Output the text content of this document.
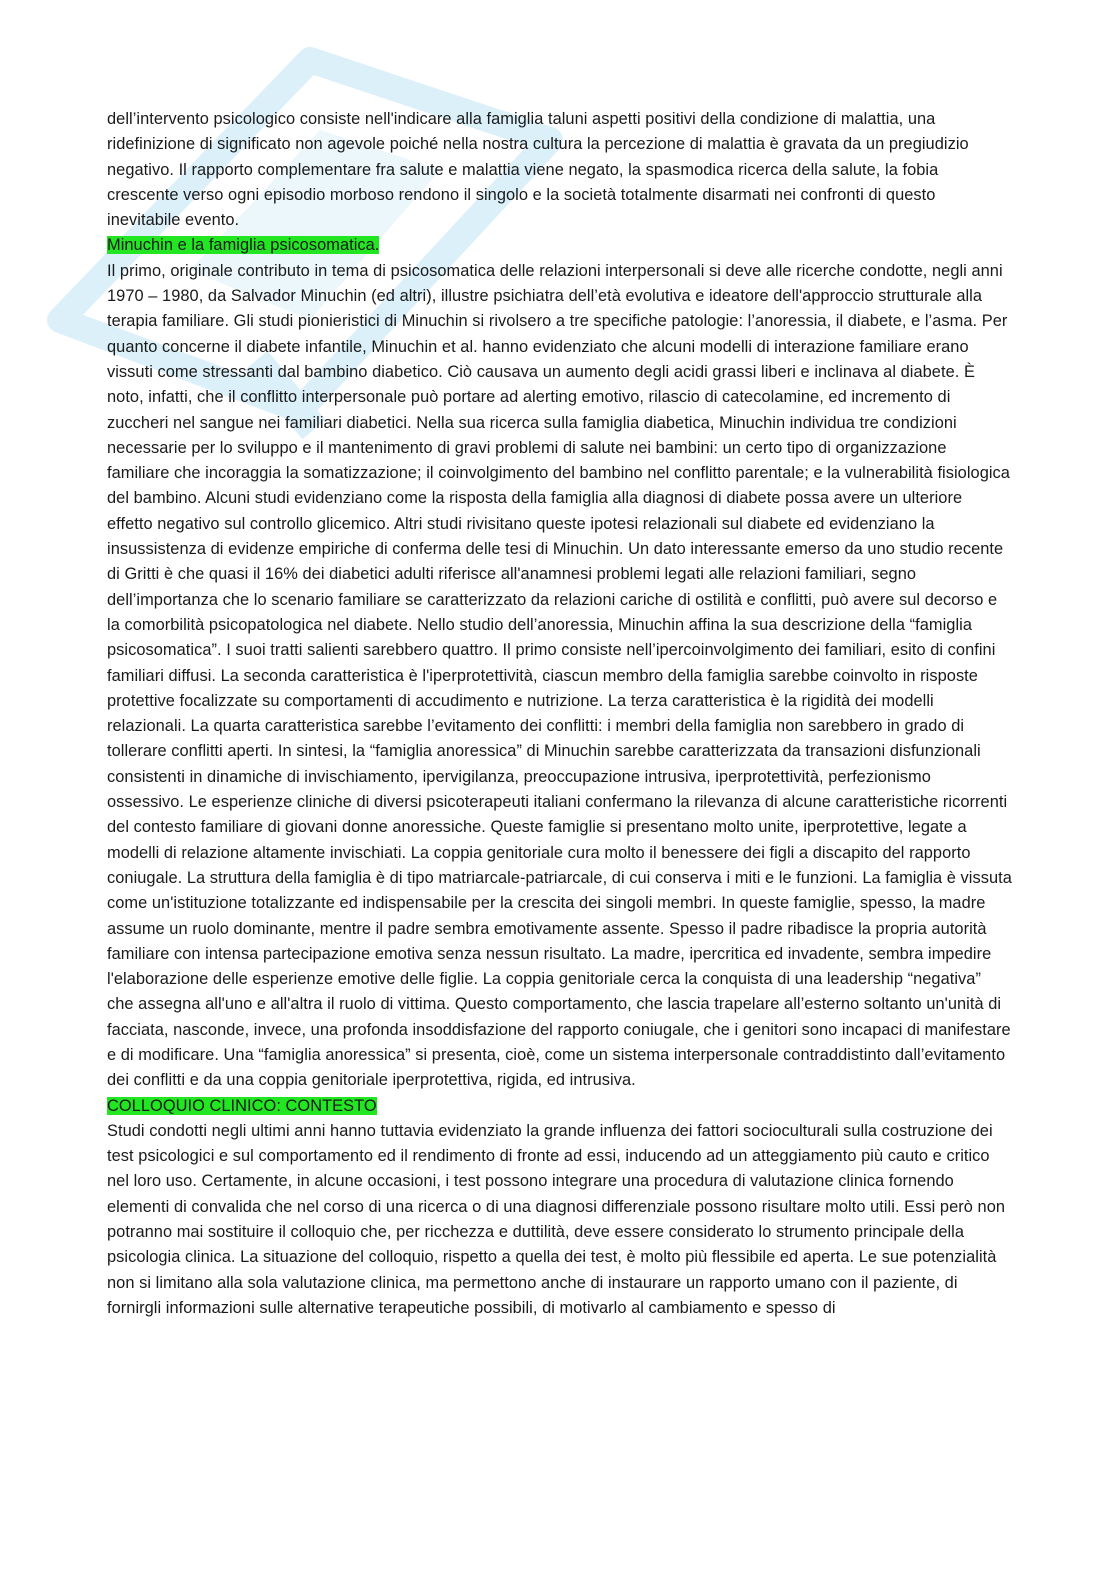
dell’intervento psicologico consiste nell'indicare alla famiglia taluni aspetti positivi della condizione di malattia, una ridefinizione di significato non agevole poiché nella nostra cultura la percezione di malattia è gravata da un pregiudizio negativo. Il rapporto complementare fra salute e malattia viene negato, la spasmodica ricerca della salute, la fobia crescente verso ogni episodio morboso rendono il singolo e la società totalmente disarmati nei confronti di questo inevitabile evento.

Minuchin e la famiglia psicosomatica.

Il primo, originale contributo in tema di psicosomatica delle relazioni interpersonali si deve alle ricerche condotte, negli anni 1970 – 1980, da Salvador Minuchin (ed altri), illustre psichiatra dell’età evolutiva e ideatore dell'approccio strutturale alla terapia familiare. Gli studi pionieristici di Minuchin si rivolsero a tre specifiche patologie: l’anoressia, il diabete, e l’asma. Per quanto concerne il diabete infantile, Minuchin et al. hanno evidenziato che alcuni modelli di interazione familiare erano vissuti come stressanti dal bambino diabetico. Ciò causava un aumento degli acidi grassi liberi e inclinava al diabete. È noto, infatti, che il conflitto interpersonale può portare ad alerting emotivo, rilascio di catecolamine, ed incremento di zuccheri nel sangue nei familiari diabetici. Nella sua ricerca sulla famiglia diabetica, Minuchin individua tre condizioni necessarie per lo sviluppo e il mantenimento di gravi problemi di salute nei bambini: un certo tipo di organizzazione familiare che incoraggia la somatizzazione; il coinvolgimento del bambino nel conflitto parentale; e la vulnerabilità fisiologica del bambino. Alcuni studi evidenziano come la risposta della famiglia alla diagnosi di diabete possa avere un ulteriore effetto negativo sul controllo glicemico. Altri studi rivisitano queste ipotesi relazionali sul diabete ed evidenziano la insussistenza di evidenze empiriche di conferma delle tesi di Minuchin. Un dato interessante emerso da uno studio recente di Gritti è che quasi il 16% dei diabetici adulti riferisce all'anamnesi problemi legati alle relazioni familiari, segno dell’importanza che lo scenario familiare se caratterizzato da relazioni cariche di ostilità e conflitti, può avere sul decorso e la comorbilità psicopatologica nel diabete. Nello studio dell’anoressia, Minuchin affina la sua descrizione della “famiglia psicosomatica”. I suoi tratti salienti sarebbero quattro. Il primo consiste nell’ipercoinvolgimento dei familiari, esito di confini familiari diffusi. La seconda caratteristica è l'iperprotettività, ciascun membro della famiglia sarebbe coinvolto in risposte protettive focalizzate su comportamenti di accudimento e nutrizione. La terza caratteristica è la rigidità dei modelli relazionali. La quarta caratteristica sarebbe l’evitamento dei conflitti: i membri della famiglia non sarebbero in grado di tollerare conflitti aperti. In sintesi, la “famiglia anoressica” di Minuchin sarebbe caratterizzata da transazioni disfunzionali consistenti in dinamiche di invischiamento, ipervigilanza, preoccupazione intrusiva, iperprotettività, perfezionismo ossessivo. Le esperienze cliniche di diversi psicoterapeuti italiani confermano la rilevanza di alcune caratteristiche ricorrenti del contesto familiare di giovani donne anoressiche. Queste famiglie si presentano molto unite, iperprotettive, legate a modelli di relazione altamente invischiati. La coppia genitoriale cura molto il benessere dei figli a discapito del rapporto coniugale. La struttura della famiglia è di tipo matriarcale-patriarcale, di cui conserva i miti e le funzioni. La famiglia è vissuta come un'istituzione totalizzante ed indispensabile per la crescita dei singoli membri. In queste famiglie, spesso, la madre assume un ruolo dominante, mentre il padre sembra emotivamente assente. Spesso il padre ribadisce la propria autorità familiare con intensa partecipazione emotiva senza nessun risultato. La madre, ipercritica ed invadente, sembra impedire l'elaborazione delle esperienze emotive delle figlie. La coppia genitoriale cerca la conquista di una leadership “negativa” che assegna all'uno e all'altra il ruolo di vittima. Questo comportamento, che lascia trapelare all’esterno soltanto un'unità di facciata, nasconde, invece, una profonda insoddisfazione del rapporto coniugale, che i genitori sono incapaci di manifestare e di modificare. Una “famiglia anoressica” si presenta, cioè, come un sistema interpersonale contraddistinto dall’evitamento dei conflitti e da una coppia genitoriale iperprotettiva, rigida, ed intrusiva.

COLLOQUIO CLINICO: CONTESTO

Studi condotti negli ultimi anni hanno tuttavia evidenziato la grande influenza dei fattori socioculturali sulla costruzione dei test psicologici e sul comportamento ed il rendimento di fronte ad essi, inducendo ad un atteggiamento più cauto e critico nel loro uso. Certamente, in alcune occasioni, i test possono integrare una procedura di valutazione clinica fornendo elementi di convalida che nel corso di una ricerca o di una diagnosi differenziale possono risultare molto utili. Essi però non potranno mai sostituire il colloquio che, per ricchezza e duttilità, deve essere considerato lo strumento principale della psicologia clinica. La situazione del colloquio, rispetto a quella dei test, è molto più flessibile ed aperta. Le sue potenzialità non si limitano alla sola valutazione clinica, ma permettono anche di instaurare un rapporto umano con il paziente, di fornirgli informazioni sulle alternative terapeutiche possibili, di motivarlo al cambiamento e spesso di
